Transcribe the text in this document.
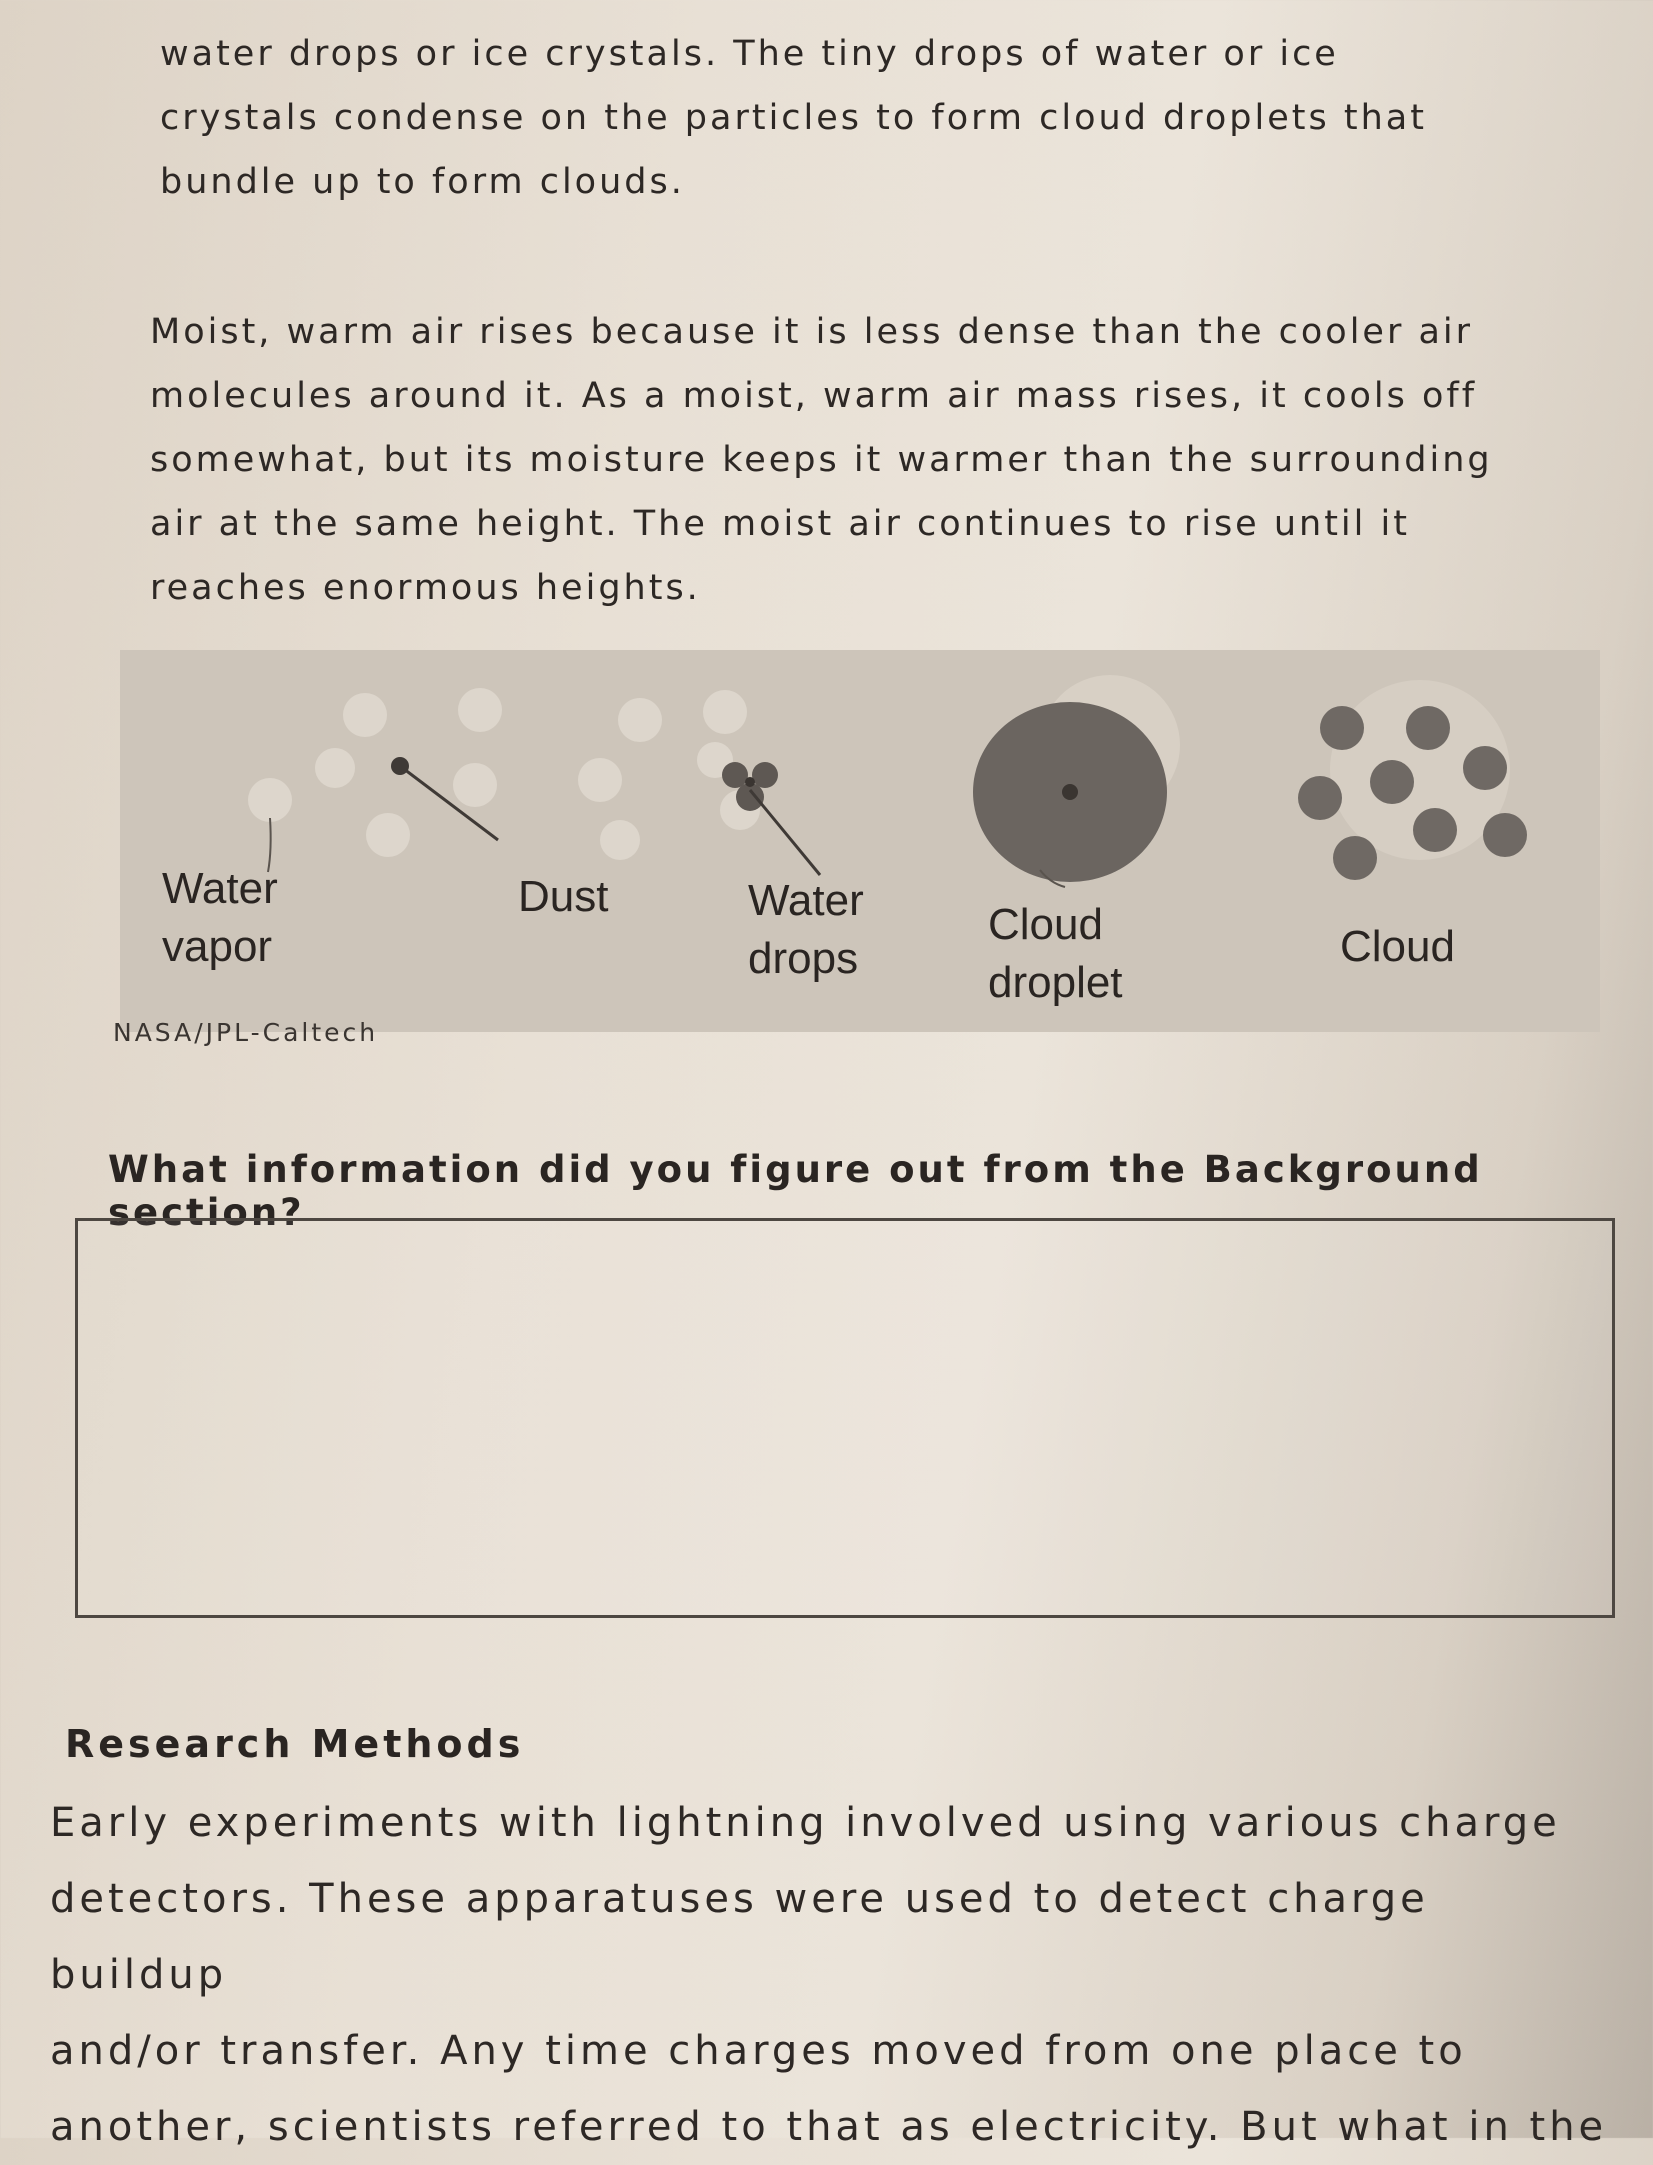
water drops or ice crystals. The tiny drops of water or ice
crystals condense on the particles to form cloud droplets that
bundle up to form clouds.
Moist, warm air rises because it is less dense than the cooler air
molecules around it. As a moist, warm air mass rises, it cools off
somewhat, but its moisture keeps it warmer than the surrounding
air at the same height. The moist air continues to rise until it
reaches enormous heights.
Water
vapor
Dust	Water
drops
Cloud
droplet
Cloud
NASA/JPL-Caltech
What information did you figure out from the Background section?
Research Methods
Early experiments with lightning involved using various charge
detectors. These apparatuses were used to detect charge buildup
and/or transfer. Any time charges moved from one place to
another, scientists referred to that as electricity. But what in the
